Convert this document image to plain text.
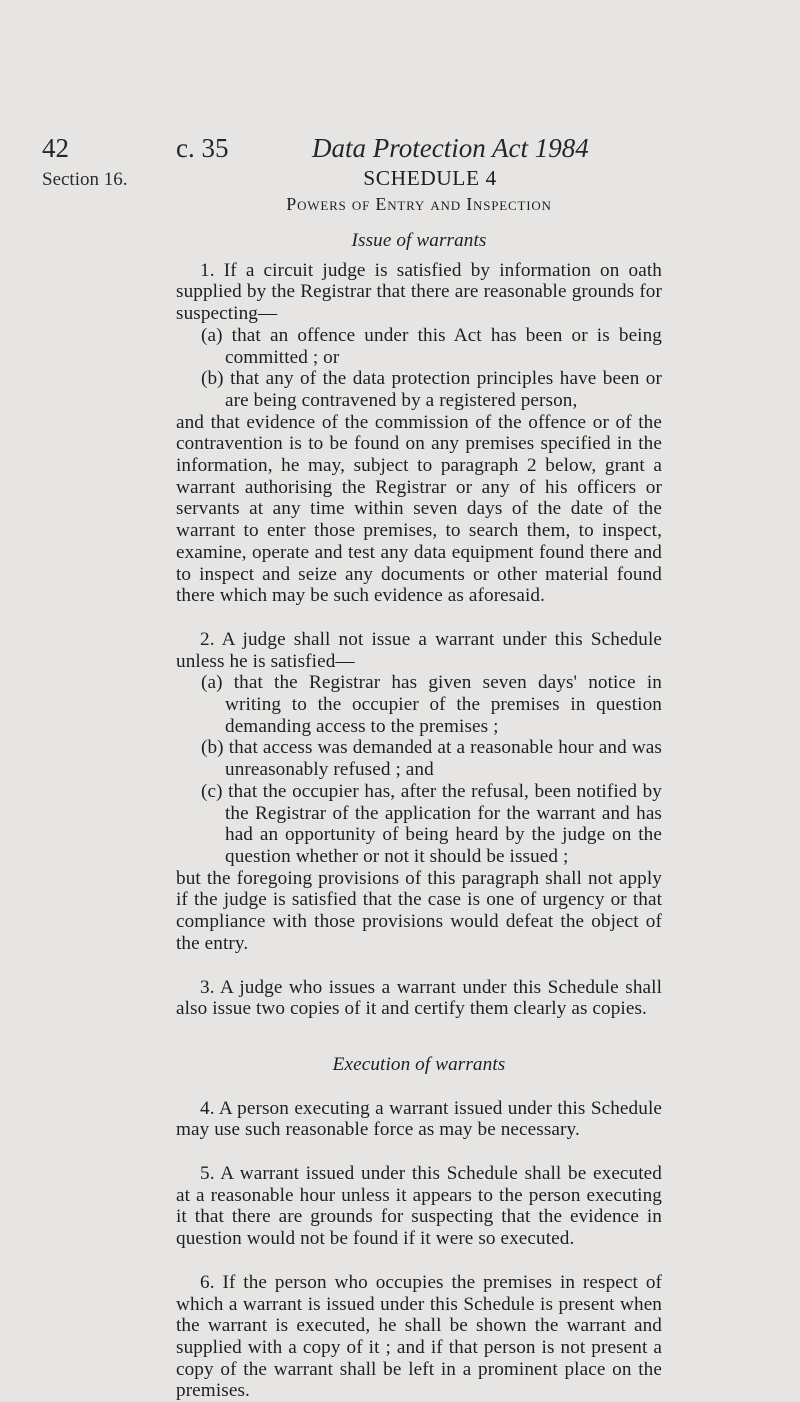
42	c. 35	Data Protection Act 1984
Section 16.	SCHEDULE 4

Powers of Entry and Inspection

Issue of warrants

1. If a circuit judge is satisfied by information on oath supplied by the Registrar that there are reasonable grounds for suspecting—

(a) that an offence under this Act has been or is being committed ; or

(b) that any of the data protection principles have been or are being contravened by a registered person,

and that evidence of the commission of the offence or of the contravention is to be found on any premises specified in the information, he may, subject to paragraph 2 below, grant a warrant authorising the Registrar or any of his officers or servants at any time within seven days of the date of the warrant to enter those premises, to search them, to inspect, examine, operate and test any data equipment found there and to inspect and seize any documents or other material found there which may be such evidence as aforesaid.

2. A judge shall not issue a warrant under this Schedule unless he is satisfied—

(a) that the Registrar has given seven days' notice in writing to the occupier of the premises in question demanding access to the premises ;

(b) that access was demanded at a reasonable hour and was unreasonably refused ; and

(c) that the occupier has, after the refusal, been notified by the Registrar of the application for the warrant and has had an opportunity of being heard by the judge on the question whether or not it should be issued ;

but the foregoing provisions of this paragraph shall not apply if the judge is satisfied that the case is one of urgency or that compliance with those provisions would defeat the object of the entry.

3. A judge who issues a warrant under this Schedule shall also issue two copies of it and certify them clearly as copies.

Execution of warrants

4. A person executing a warrant issued under this Schedule may use such reasonable force as may be necessary.

5. A warrant issued under this Schedule shall be executed at a reasonable hour unless it appears to the person executing it that there are grounds for suspecting that the evidence in question would not be found if it were so executed.

6. If the person who occupies the premises in respect of which a warrant is issued under this Schedule is present when the warrant is executed, he shall be shown the warrant and supplied with a copy of it ; and if that person is not present a copy of the warrant shall be left in a prominent place on the premises.
